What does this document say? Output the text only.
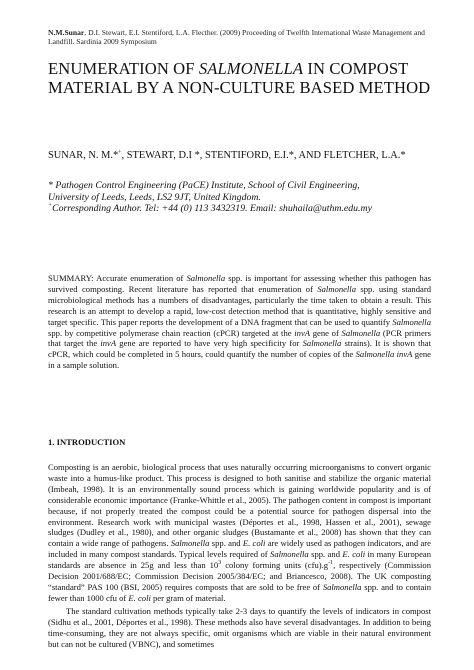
N.M.Sunar, D.I. Stewart, E.I. Stentiford, L.A. Flecther. (2009) Proceeding of Twelfth International Waste Management and Landfill. Sardinia 2009 Symposium
ENUMERATION OF SALMONELLA IN COMPOST MATERIAL BY A NON-CULTURE BASED METHOD
SUNAR, N. M.*+, STEWART, D.I *, STENTIFORD, E.I.*, AND FLETCHER, L.A.*
* Pathogen Control Engineering (PaCE) Institute, School of Civil Engineering,
University of Leeds, Leeds, LS2 9JT, United Kingdom.
+Corresponding Author. Tel: +44 (0) 113 3432319. Email: shuhaila@uthm.edu.my

SUMMARY: Accurate enumeration of Salmonella spp. is important for assessing whether this pathogen has survived composting. Recent literature has reported that enumeration of Salmonella spp. using standard microbiological methods has a numbers of disadvantages, particularly the time taken to obtain a result. This research is an attempt to develop a rapid, low-cost detection method that is quantitative, highly sensitive and target specific. This paper reports the development of a DNA fragment that can be used to quantify Salmonella spp. by competitive polymerase chain reaction (cPCR) targeted at the invA gene of Salmonella (PCR primers that target the invA gene are reported to have very high specificity for Salmonella strains). It is shown that cPCR, which could be completed in 5 hours, could quantify the number of copies of the Salmonella invA gene in a sample solution.

1. INTRODUCTION

Composting is an aerobic, biological process that uses naturally occurring microorganisms to convert organic waste into a humus-like product. This process is designed to both sanitise and stabilize the organic material (Imbeah, 1998). It is an environmentally sound process which is gaining worldwide popularity and is of considerable economic importance (Franke-Whittle et al., 2005). The pathogen content in compost is important because, if not properly treated the compost could be a potential source for pathogen dispersal into the environment. Research work with municipal wastes (Déportes et al., 1998, Hassen et al., 2001), sewage sludges (Dudley et al., 1980), and other organic sludges (Bustamante et al., 2008) has shown that they can contain a wide range of pathogens. Salmonella spp. and E. coli are widely used as pathogen indicators, and are included in many compost standards. Typical levels required of Salmonella spp. and E. coli in many European standards are absence in 25g and less than $10^3$ colony forming units $(cfu).g^{-1}$, respectively (Commission Decision 2001/688/EC; Commission Decision 2005/384/EC; and Briancesco, 2008). The UK composting “standard” PAS 100 (BSI, 2005) requires composts that are sold to be free of Salmonella spp. and to contain fewer than 1000 cfu of E. coli per gram of material.

The standard cultivation methods typically take 2-3 days to quantify the levels of indicators in compost (Sidhu et al., 2001, Déportes et al., 1998). These methods also have several disadvantages. In addition to being time-consuming, they are not always specific, omit organisms which are viable in their natural environment but can not be cultured (VBNC), and sometimes
